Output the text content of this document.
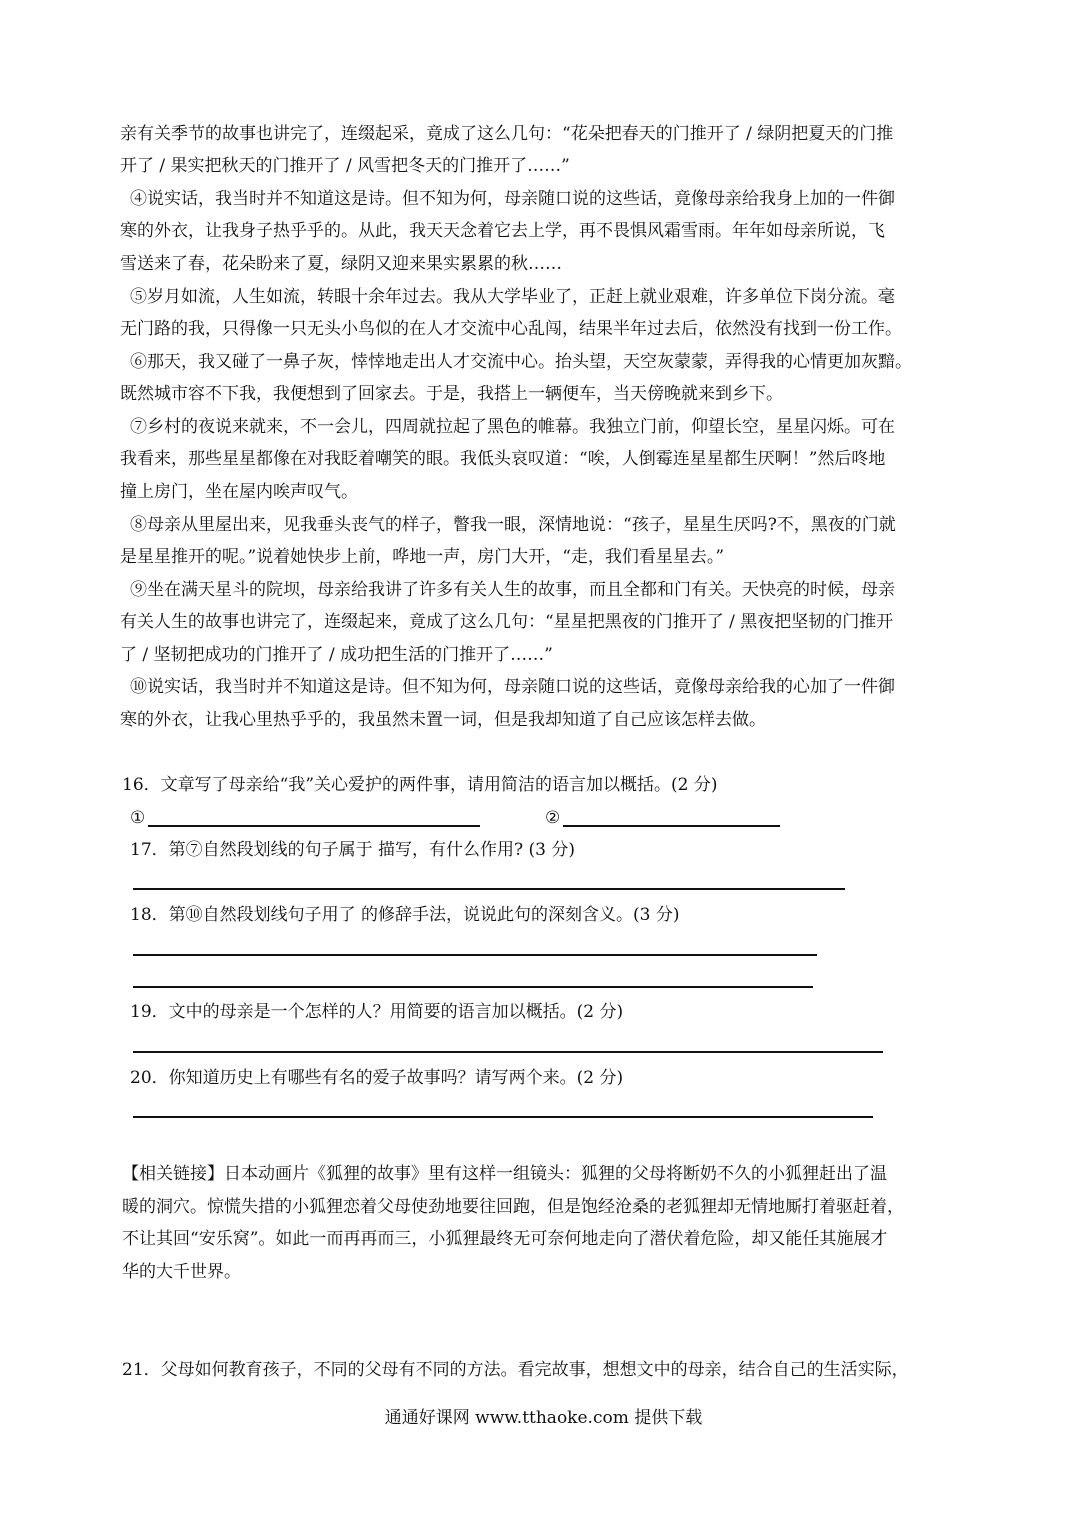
亲有关季节的故事也讲完了，连缀起采，竟成了这么几句：“花朵把春天的门推开了 / 绿阴把夏天的门推
开了 / 果实把秋天的门推开了 / 风雪把冬天的门推开了……”
④说实话，我当时并不知道这是诗。但不知为何，母亲随口说的这些话，竟像母亲给我身上加的一件御
寒的外衣，让我身子热乎乎的。从此，我天天念着它去上学，再不畏惧风霜雪雨。年年如母亲所说，飞
雪送来了春，花朵盼来了夏，绿阴又迎来果实累累的秋……
⑤岁月如流，人生如流，转眼十余年过去。我从大学毕业了，正赶上就业艰难，许多单位下岗分流。毫
无门路的我，只得像一只无头小鸟似的在人才交流中心乱闯，结果半年过去后，依然没有找到一份工作。
⑥那天，我又碰了一鼻子灰，悻悻地走出人才交流中心。抬头望，天空灰蒙蒙，弄得我的心情更加灰黯。
既然城市容不下我，我便想到了回家去。于是，我搭上一辆便车，当天傍晚就来到乡下。
⑦乡村的夜说来就来，不一会儿，四周就拉起了黑色的帷幕。我独立门前，仰望长空，星星闪烁。可在
我看来，那些星星都像在对我眨着嘲笑的眼。我低头哀叹道：“唉，人倒霉连星星都生厌啊！”然后咚地
撞上房门，坐在屋内唉声叹气。
⑧母亲从里屋出来，见我垂头丧气的样子，瞥我一眼，深情地说：“孩子，星星生厌吗?不，黑夜的门就
是星星推开的呢。”说着她快步上前，哗地一声，房门大开，“走，我们看星星去。”
⑨坐在满天星斗的院坝，母亲给我讲了许多有关人生的故事，而且全都和门有关。天快亮的时候，母亲
有关人生的故事也讲完了，连缀起来，竟成了这么几句：“星星把黑夜的门推开了 / 黑夜把坚韧的门推开
了 / 坚韧把成功的门推开了 / 成功把生活的门推开了……”
⑩说实话，我当时并不知道这是诗。但不知为何，母亲随口说的这些话，竟像母亲给我的心加了一件御
寒的外衣，让我心里热乎乎的，我虽然未置一词，但是我却知道了自己应该怎样去做。
16．文章写了母亲给“我”关心爱护的两件事，请用简洁的语言加以概括。(2 分)
①	②
17．第⑦自然段划线的句子属于 描写，有什么作用? (3 分)
18．第⑩自然段划线句子用了 的修辞手法，说说此句的深刻含义。(3 分)
19．文中的母亲是一个怎样的人？用简要的语言加以概括。(2 分)
20．你知道历史上有哪些有名的爱子故事吗？请写两个来。(2 分)
【相关链接】日本动画片《狐狸的故事》里有这样一组镜头：狐狸的父母将断奶不久的小狐狸赶出了温
暖的洞穴。惊慌失措的小狐狸恋着父母使劲地要往回跑，但是饱经沧桑的老狐狸却无情地厮打着驱赶着，
不让其回“安乐窝”。如此一而再再而三，小狐狸最终无可奈何地走向了潜伏着危险，却又能任其施展才
华的大千世界。
21．父母如何教育孩子，不同的父母有不同的方法。看完故事，想想文中的母亲，结合自己的生活实际，
通通好课网 www.tthaoke.com 提供下载
